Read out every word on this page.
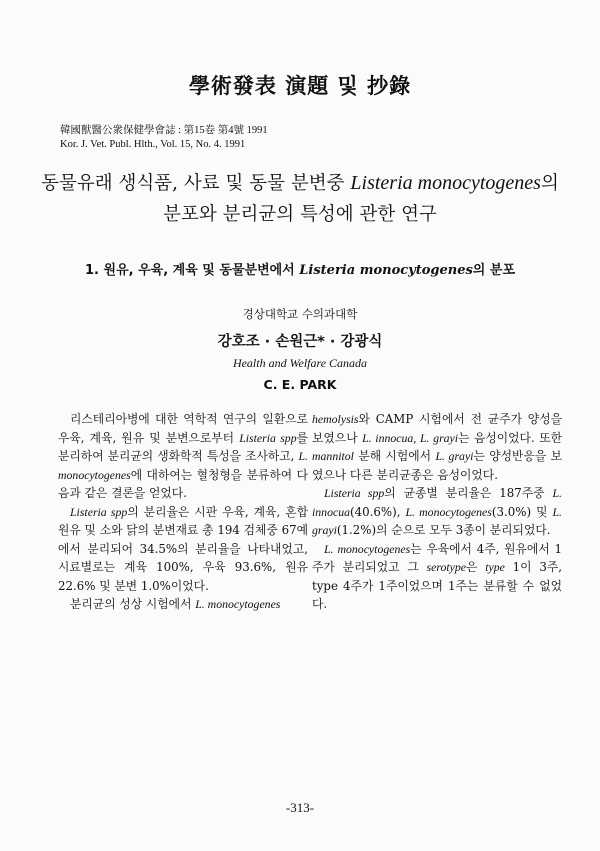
學術發表 演題 및 抄錄
韓國獸醫公衆保健學會誌 : 第15卷 第4號 1991
Kor. J. Vet. Publ. Hlth., Vol. 15, No. 4. 1991
동물유래 생식품, 사료 및 동물 분변중 Listeria monocytogenes의
분포와 분리균의 특성에 관한 연구
1. 원유, 우육, 계육 및 동물분변에서 Listeria monocytogenes의 분포
경상대학교 수의과대학
강호조 · 손원근* · 강광식
Health and Welfare Canada
C. E. PARK

리스테리아병에 대한 역학적 연구의 일환으로 우육, 계육, 원유 및 분변으로부터 Listeria spp를 분리하여 분리균의 생화학적 특성을 조사하고, L. monocytogenes에 대하여는 혈청형을 분류하여 다음과 같은 결론을 얻었다.

Listeria spp의 분리율은 시판 우육, 계육, 혼합원유 및 소와 닭의 분변재료 총 194 검체중 67예에서 분리되어 34.5%의 분리율을 나타내었고, 시료별로는 계육 100%, 우육 93.6%, 원유 22.6% 및 분변 1.0%이었다.

분리균의 성상 시험에서 L. monocytogenes

hemolysis와 CAMP 시험에서 전 균주가 양성을 보였으나 L. innocua, L. grayi는 음성이었다. 또한 mannitol 분해 시험에서 L. grayi는 양성반응을 보였으나 다른 분리균종은 음성이었다.

Listeria spp의 균종별 분리율은 187주중 L. innocua(40.6%), L. monocytogenes(3.0%) 및 L. grayi(1.2%)의 순으로 모두 3종이 분리되었다.

L. monocytogenes는 우육에서 4주, 원유에서 1주가 분리되었고 그 serotype은 type 1이 3주, type 4주가 1주이었으며 1주는 분류할 수 없었다.

-313-
